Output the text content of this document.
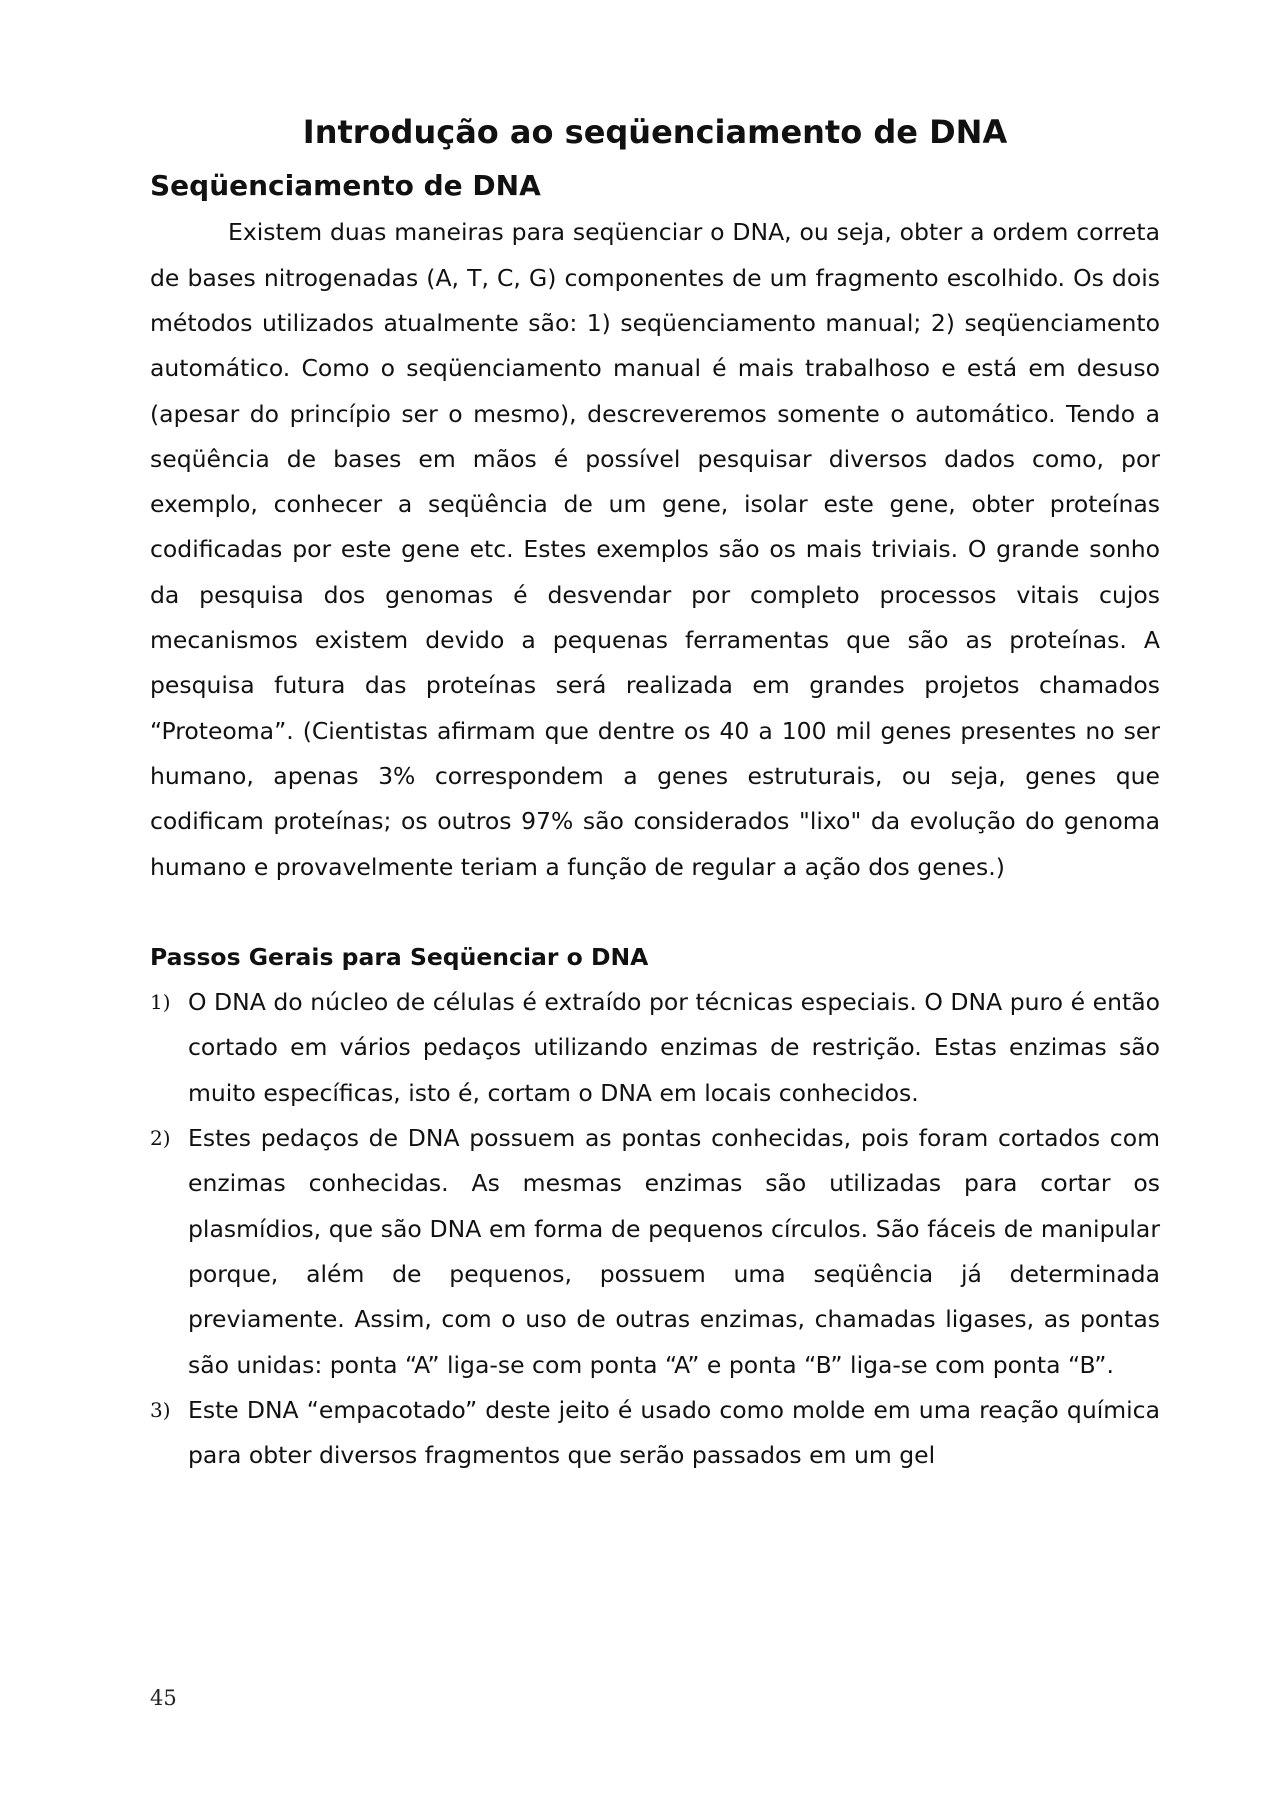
Introdução ao seqüenciamento de DNA
Seqüenciamento de DNA

Existem duas maneiras para seqüenciar o DNA, ou seja, obter a ordem correta de bases nitrogenadas (A, T, C, G) componentes de um fragmento escolhido. Os dois métodos utilizados atualmente são: 1) seqüenciamento manual; 2) seqüenciamento automático. Como o seqüenciamento manual é mais trabalhoso e está em desuso (apesar do princípio ser o mesmo), descreveremos somente o automático. Tendo a seqüência de bases em mãos é possível pesquisar diversos dados como, por exemplo, conhecer a seqüência de um gene, isolar este gene, obter proteínas codificadas por este gene etc. Estes exemplos são os mais triviais. O grande sonho da pesquisa dos genomas é desvendar por completo processos vitais cujos mecanismos existem devido a pequenas ferramentas que são as proteínas. A pesquisa futura das proteínas será realizada em grandes projetos chamados “Proteoma”. (Cientistas afirmam que dentre os 40 a 100 mil genes presentes no ser humano, apenas 3% correspondem a genes estruturais, ou seja, genes que codificam proteínas; os outros 97% são considerados "lixo" da evolução do genoma humano e provavelmente teriam a função de regular a ação dos genes.)

Passos Gerais para Seqüenciar o DNA
1) O DNA do núcleo de células é extraído por técnicas especiais. O DNA puro é então cortado em vários pedaços utilizando enzimas de restrição. Estas enzimas são muito específicas, isto é, cortam o DNA em locais conhecidos.
2) Estes pedaços de DNA possuem as pontas conhecidas, pois foram cortados com enzimas conhecidas. As mesmas enzimas são utilizadas para cortar os plasmídios, que são DNA em forma de pequenos círculos. São fáceis de manipular porque, além de pequenos, possuem uma seqüência já determinada previamente. Assim, com o uso de outras enzimas, chamadas ligases, as pontas são unidas: ponta “A” liga-se com ponta “A” e ponta “B” liga-se com ponta “B”.
3) Este DNA “empacotado” deste jeito é usado como molde em uma reação química para obter diversos fragmentos que serão passados em um gel
45
